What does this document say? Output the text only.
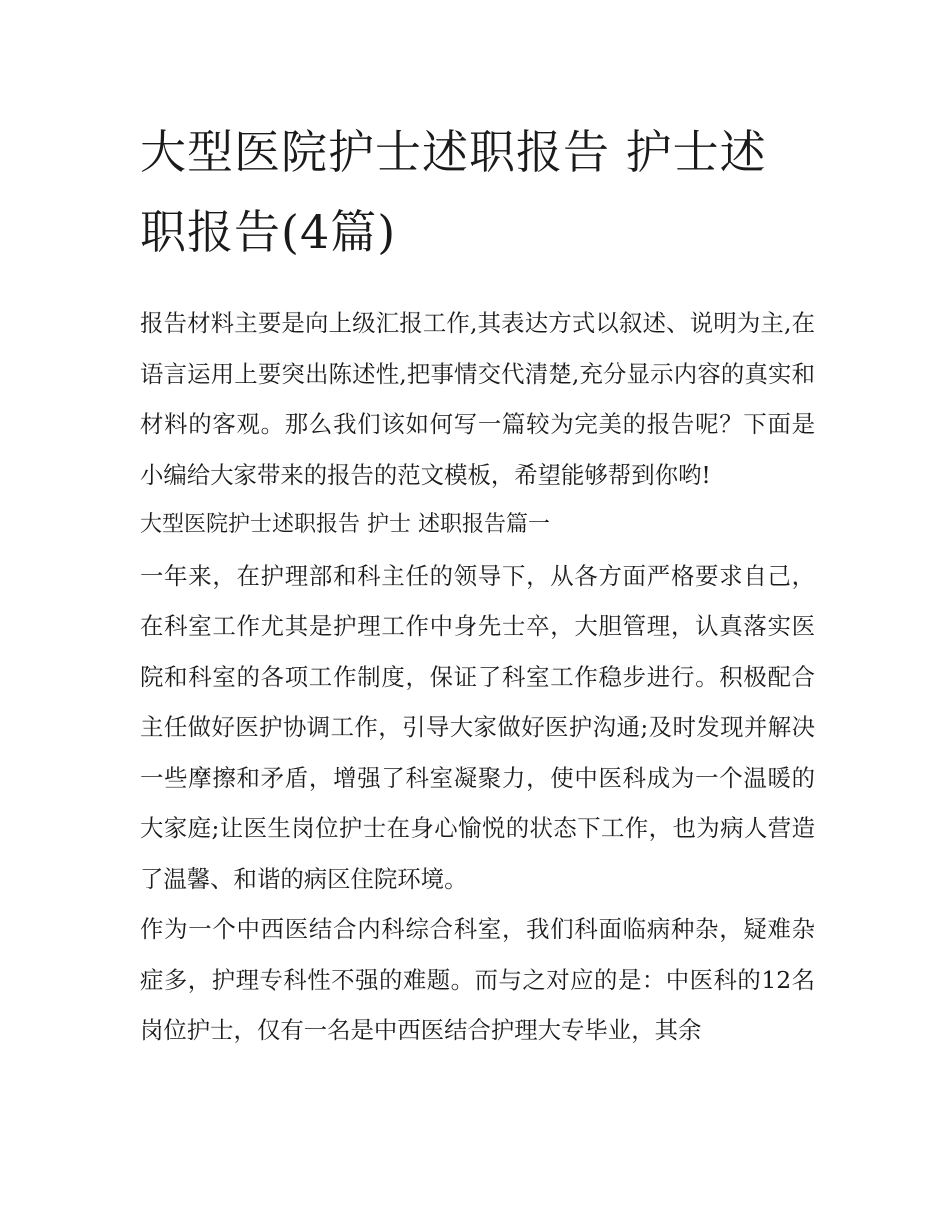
大型医院护士述职报告 护士述职报告(4篇)

报告材料主要是向上级汇报工作,其表达方式以叙述、说明为主,在语言运用上要突出陈述性,把事情交代清楚,充分显示内容的真实和材料的客观。那么我们该如何写一篇较为完美的报告呢？下面是小编给大家带来的报告的范文模板，希望能够帮到你哟!

大型医院护士述职报告 护士 述职报告篇一

一年来，在护理部和科主任的领导下，从各方面严格要求自己，在科室工作尤其是护理工作中身先士卒，大胆管理，认真落实医院和科室的各项工作制度，保证了科室工作稳步进行。积极配合主任做好医护协调工作，引导大家做好医护沟通;及时发现并解决一些摩擦和矛盾，增强了科室凝聚力，使中医科成为一个温暖的大家庭;让医生岗位护士在身心愉悦的状态下工作，也为病人营造了温馨、和谐的病区住院环境。

作为一个中西医结合内科综合科室，我们科面临病种杂，疑难杂症多，护理专科性不强的难题。而与之对应的是：中医科的12名岗位护士，仅有一名是中西医结合护理大专毕业，其余
